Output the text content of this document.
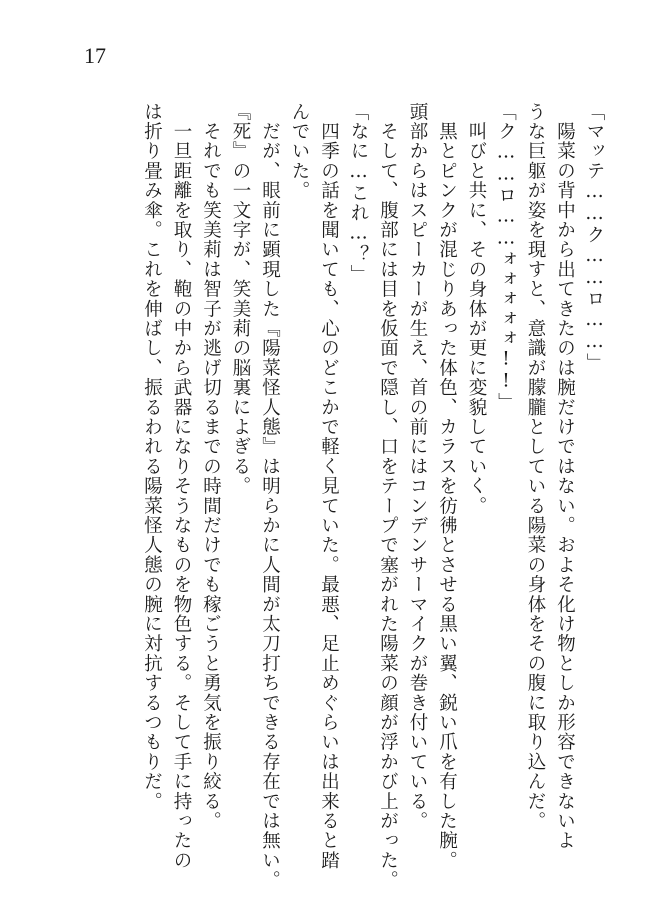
17

「マッテ……ク……ロ……」

　陽菜の背中から出てきたのは腕だけではない。およそ化け物としか形容できないよ

うな巨躯が姿を現すと、意識が朦朧としている陽菜の身体をその腹に取り込んだ。

「ク……ロ……ォォォォォ!!」

　叫びと共に、その身体が更に変貌していく。

　黒とピンクが混じりあった体色、カラスを彷彿とさせる黒い翼、鋭い爪を有した腕。

頭部からはスピーカーが生え、首の前にはコンデンサーマイクが巻き付いている。

　そして、腹部には目を仮面で隠し、口をテープで塞がれた陽菜の顔が浮かび上がった。

「なに…これ…？」

　四季の話を聞いても、心のどこかで軽く見ていた。最悪、足止めぐらいは出来ると踏

んでいた。

　だが、眼前に顕現した『陽菜怪人態』は明らかに人間が太刀打ちできる存在では無い。

『死』の一文字が、笑美莉の脳裏によぎる。

　それでも笑美莉は智子が逃げ切るまでの時間だけでも稼ごうと勇気を振り絞る。

　一旦距離を取り、鞄の中から武器になりそうなものを物色する。そして手に持ったの

は折り畳み傘。これを伸ばし、振るわれる陽菜怪人態の腕に対抗するつもりだ。
